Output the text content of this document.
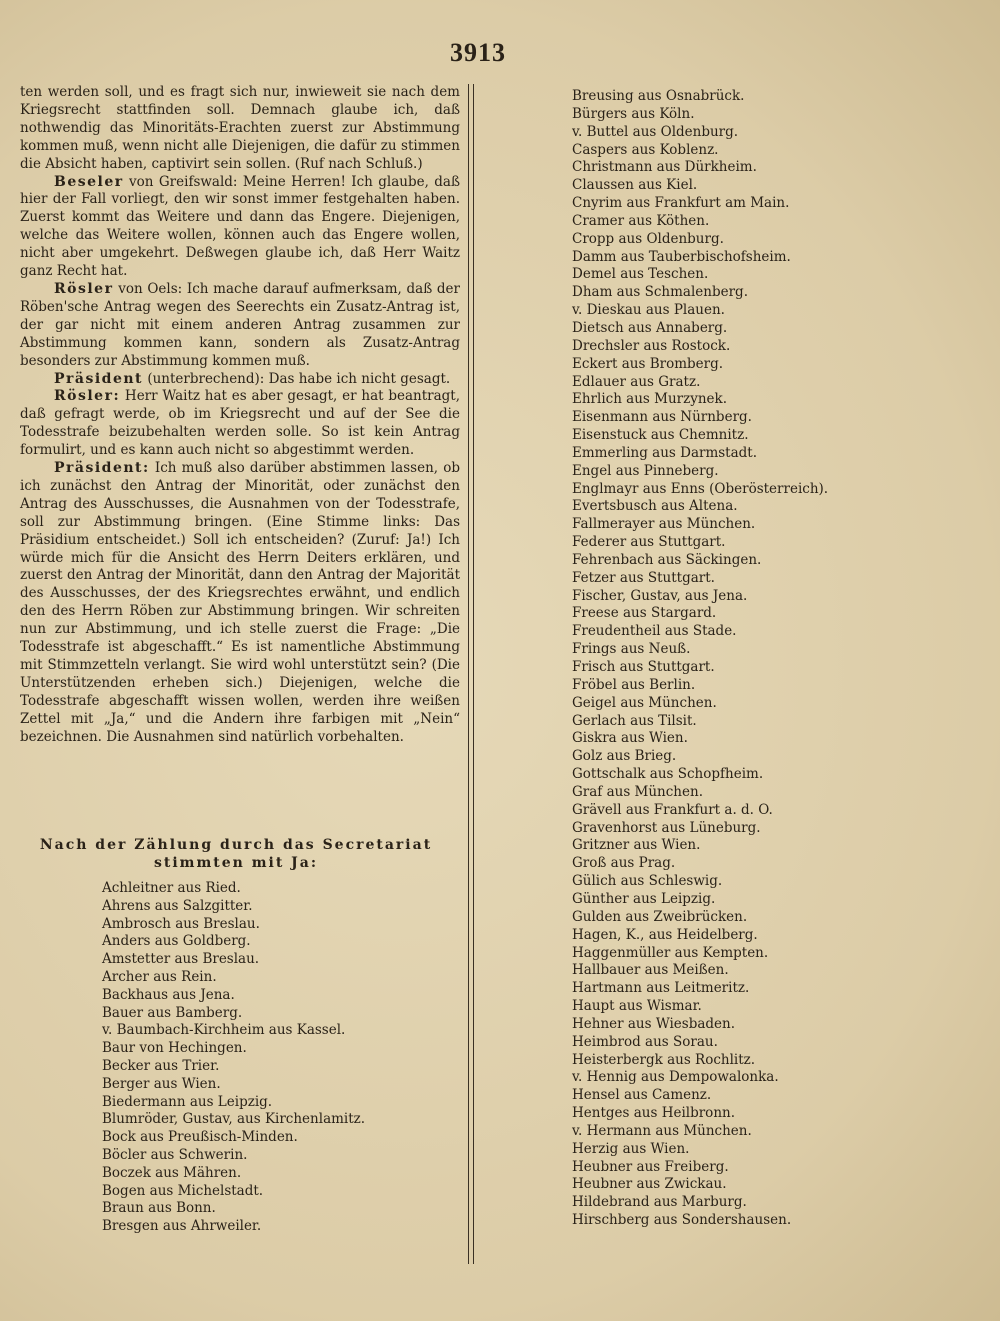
3913

ten werden soll, und es fragt sich nur, inwieweit sie nach dem Kriegsrecht stattfinden soll. Demnach glaube ich, daß nothwendig das Minoritäts-Erachten zuerst zur Abstimmung kommen muß, wenn nicht alle Diejenigen, die dafür zu stimmen die Absicht haben, captivirt sein sollen. (Ruf nach Schluß.)

Beseler von Greifswald: Meine Herren! Ich glaube, daß hier der Fall vorliegt, den wir sonst immer festgehalten haben. Zuerst kommt das Weitere und dann das Engere. Diejenigen, welche das Weitere wollen, können auch das Engere wollen, nicht aber umgekehrt. Deßwegen glaube ich, daß Herr Waitz ganz Recht hat.

Rösler von Oels: Ich mache darauf aufmerksam, daß der Röben'sche Antrag wegen des Seerechts ein Zusatz-Antrag ist, der gar nicht mit einem anderen Antrag zusammen zur Abstimmung kommen kann, sondern als Zusatz-Antrag besonders zur Abstimmung kommen muß.

Präsident (unterbrechend): Das habe ich nicht gesagt.

Rösler: Herr Waitz hat es aber gesagt, er hat beantragt, daß gefragt werde, ob im Kriegsrecht und auf der See die Todesstrafe beizubehalten werden solle. So ist kein Antrag formulirt, und es kann auch nicht so abgestimmt werden.

Präsident: Ich muß also darüber abstimmen lassen, ob ich zunächst den Antrag der Minorität, oder zunächst den Antrag des Ausschusses, die Ausnahmen von der Todesstrafe, soll zur Abstimmung bringen. (Eine Stimme links: Das Präsidium entscheidet.) Soll ich entscheiden? (Zuruf: Ja!) Ich würde mich für die Ansicht des Herrn Deiters erklären, und zuerst den Antrag der Minorität, dann den Antrag der Majorität des Ausschusses, der des Kriegsrechtes erwähnt, und endlich den des Herrn Röben zur Abstimmung bringen. Wir schreiten nun zur Abstimmung, und ich stelle zuerst die Frage: „Die Todesstrafe ist abgeschafft.“ Es ist namentliche Abstimmung mit Stimmzetteln verlangt. Sie wird wohl unterstützt sein? (Die Unterstützenden erheben sich.) Diejenigen, welche die Todesstrafe abgeschafft wissen wollen, werden ihre weißen Zettel mit „Ja,“ und die Andern ihre farbigen mit „Nein“ bezeichnen. Die Ausnahmen sind natürlich vorbehalten.

Nach der Zählung durch das Secretariat stimmten mit Ja:
Achleitner aus Ried.
Ahrens aus Salzgitter.
Ambrosch aus Breslau.
Anders aus Goldberg.
Amstetter aus Breslau.
Archer aus Rein.
Backhaus aus Jena.
Bauer aus Bamberg.
v. Baumbach-Kirchheim aus Kassel.
Baur von Hechingen.
Becker aus Trier.
Berger aus Wien.
Biedermann aus Leipzig.
Blumröder, Gustav, aus Kirchenlamitz.
Bock aus Preußisch-Minden.
Böcler aus Schwerin.
Boczek aus Mähren.
Bogen aus Michelstadt.
Braun aus Bonn.
Bresgen aus Ahrweiler.
Breusing aus Osnabrück.
Bürgers aus Köln.
v. Buttel aus Oldenburg.
Caspers aus Koblenz.
Christmann aus Dürkheim.
Claussen aus Kiel.
Cnyrim aus Frankfurt am Main.
Cramer aus Köthen.
Cropp aus Oldenburg.
Damm aus Tauberbischofsheim.
Demel aus Teschen.
Dham aus Schmalenberg.
v. Dieskau aus Plauen.
Dietsch aus Annaberg.
Drechsler aus Rostock.
Eckert aus Bromberg.
Edlauer aus Gratz.
Ehrlich aus Murzynek.
Eisenmann aus Nürnberg.
Eisenstuck aus Chemnitz.
Emmerling aus Darmstadt.
Engel aus Pinneberg.
Englmayr aus Enns (Oberösterreich).
Evertsbusch aus Altena.
Fallmerayer aus München.
Federer aus Stuttgart.
Fehrenbach aus Säckingen.
Fetzer aus Stuttgart.
Fischer, Gustav, aus Jena.
Freese aus Stargard.
Freudentheil aus Stade.
Frings aus Neuß.
Frisch aus Stuttgart.
Fröbel aus Berlin.
Geigel aus München.
Gerlach aus Tilsit.
Giskra aus Wien.
Golz aus Brieg.
Gottschalk aus Schopfheim.
Graf aus München.
Grävell aus Frankfurt a. d. O.
Gravenhorst aus Lüneburg.
Gritzner aus Wien.
Groß aus Prag.
Gülich aus Schleswig.
Günther aus Leipzig.
Gulden aus Zweibrücken.
Hagen, K., aus Heidelberg.
Haggenmüller aus Kempten.
Hallbauer aus Meißen.
Hartmann aus Leitmeritz.
Haupt aus Wismar.
Hehner aus Wiesbaden.
Heimbrod aus Sorau.
Heisterbergk aus Rochlitz.
v. Hennig aus Dempowalonka.
Hensel aus Camenz.
Hentges aus Heilbronn.
v. Hermann aus München.
Herzig aus Wien.
Heubner aus Freiberg.
Heubner aus Zwickau.
Hildebrand aus Marburg.
Hirschberg aus Sondershausen.
